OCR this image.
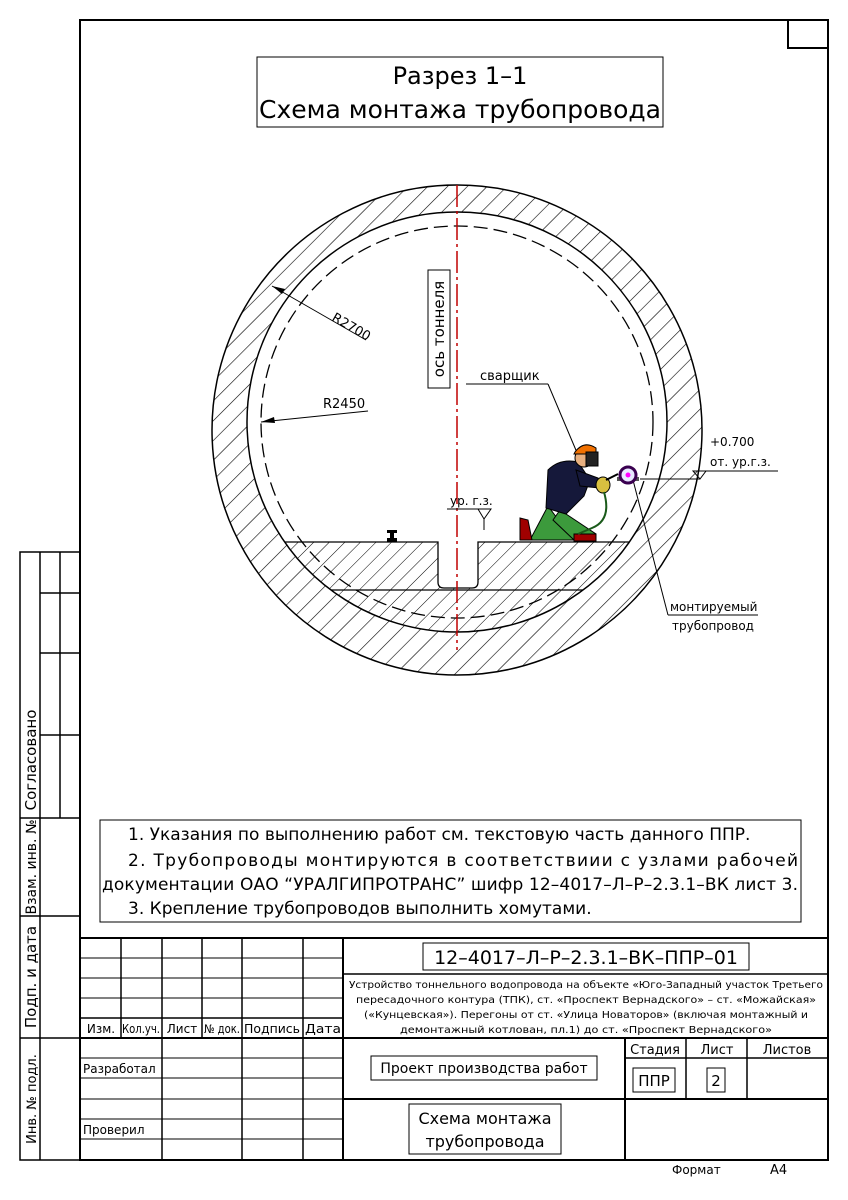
Разрез 1–1
Схема монтажа трубопровода
ось тоннеля
R2700
R2450
сварщик
ур. г.з.
+0.700
от. ур.г.з.
монтируемый
трубопровод
1. Указания по выполнению работ см. текстовую часть данного ППР.
2. Трубопроводы монтируются в соответствиии с узлами рабочей
документации ОАО “УРАЛГИПРОТРАНС” шифр 12–4017–Л–Р–2.3.1–ВК лист 3.
3. Крепление трубопроводов выполнить хомутами.
Согласовано
Взам. инв. №
Подп. и дата
Инв. № подл.
12–4017–Л–Р–2.3.1–ВК–ППР–01
Устройство тоннельного водопровода на объекте «Юго-Западный участок Третьего
пересадочного контура (ТПК), ст. «Проспект Вернадского» – ст. «Можайская»
(«Кунцевская»). Перегоны от ст. «Улица Новаторов» (включая монтажный и
демонтажный котлован, пл.1) до ст. «Проспект Вернадского»
Изм. Кол.уч. Лист № док. Подпись Дата
Разработал
Проверил
Проект производства работ
Стадия Лист Листов
ППР	2
Схема монтажа
трубопровода
Формат	А4
